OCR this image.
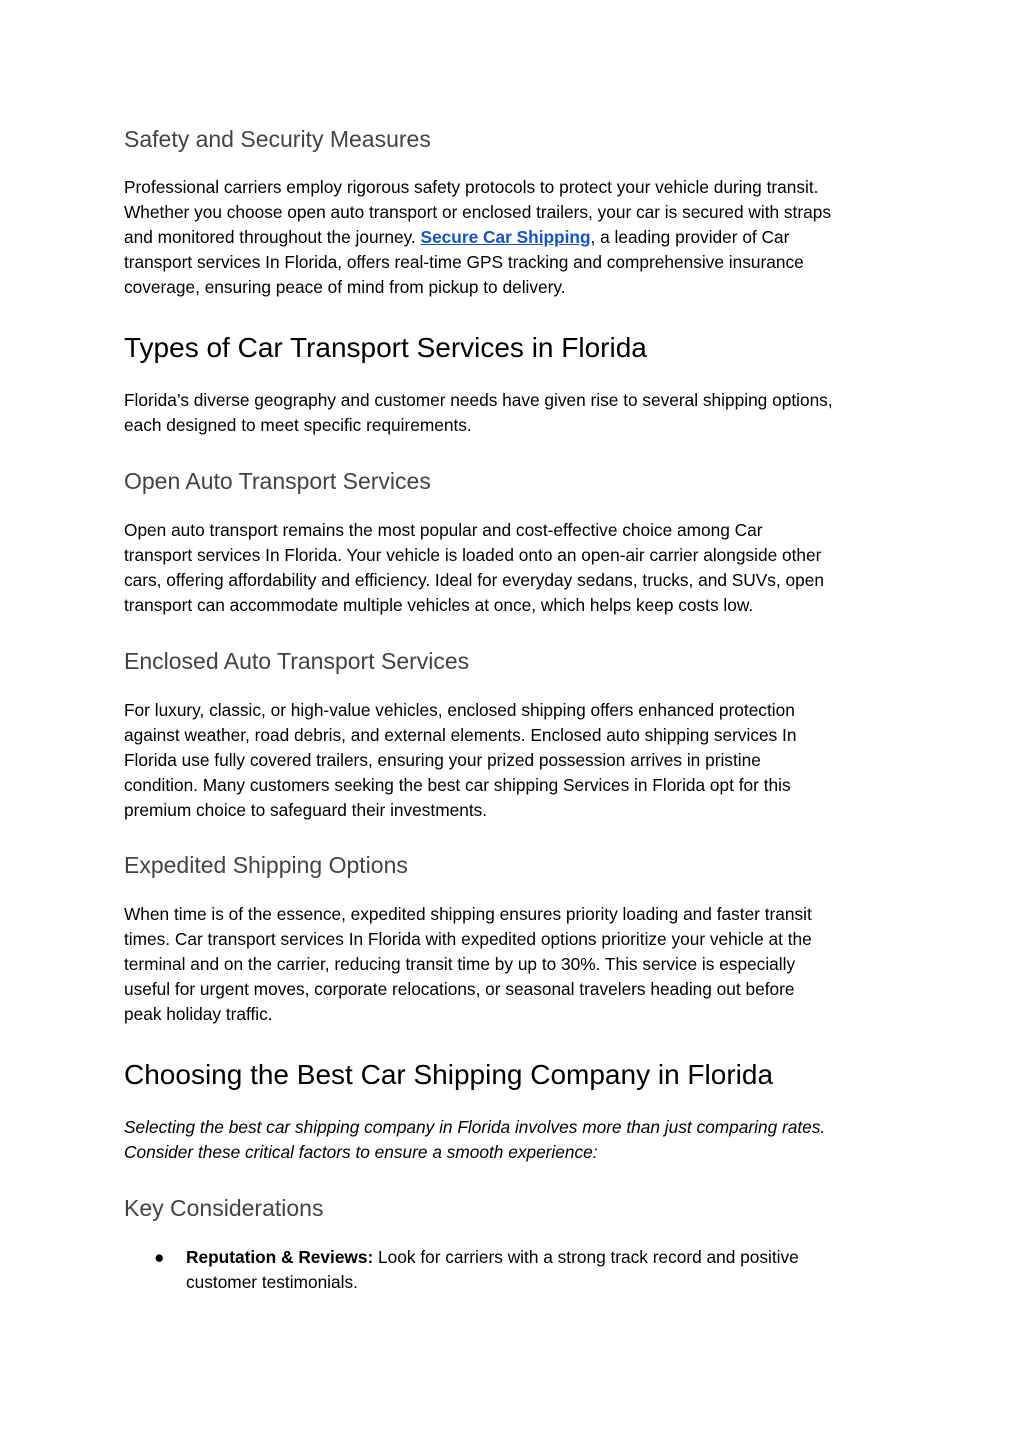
Safety and Security Measures

Professional carriers employ rigorous safety protocols to protect your vehicle during transit.
Whether you choose open auto transport or enclosed trailers, your car is secured with straps
and monitored throughout the journey. Secure Car Shipping, a leading provider of Car
transport services In Florida, offers real-time GPS tracking and comprehensive insurance
coverage, ensuring peace of mind from pickup to delivery.

Types of Car Transport Services in Florida

Florida’s diverse geography and customer needs have given rise to several shipping options,
each designed to meet specific requirements.

Open Auto Transport Services

Open auto transport remains the most popular and cost‑effective choice among Car
transport services In Florida. Your vehicle is loaded onto an open-air carrier alongside other
cars, offering affordability and efficiency. Ideal for everyday sedans, trucks, and SUVs, open
transport can accommodate multiple vehicles at once, which helps keep costs low.

Enclosed Auto Transport Services

For luxury, classic, or high‑value vehicles, enclosed shipping offers enhanced protection
against weather, road debris, and external elements. Enclosed auto shipping services In
Florida use fully covered trailers, ensuring your prized possession arrives in pristine
condition. Many customers seeking the best car shipping Services in Florida opt for this
premium choice to safeguard their investments.

Expedited Shipping Options

When time is of the essence, expedited shipping ensures priority loading and faster transit
times. Car transport services In Florida with expedited options prioritize your vehicle at the
terminal and on the carrier, reducing transit time by up to 30%. This service is especially
useful for urgent moves, corporate relocations, or seasonal travelers heading out before
peak holiday traffic.

Choosing the Best Car Shipping Company in Florida

Selecting the best car shipping company in Florida involves more than just comparing rates.
Consider these critical factors to ensure a smooth experience:

Key Considerations
●	Reputation & Reviews: Look for carriers with a strong track record and positive
customer testimonials.
